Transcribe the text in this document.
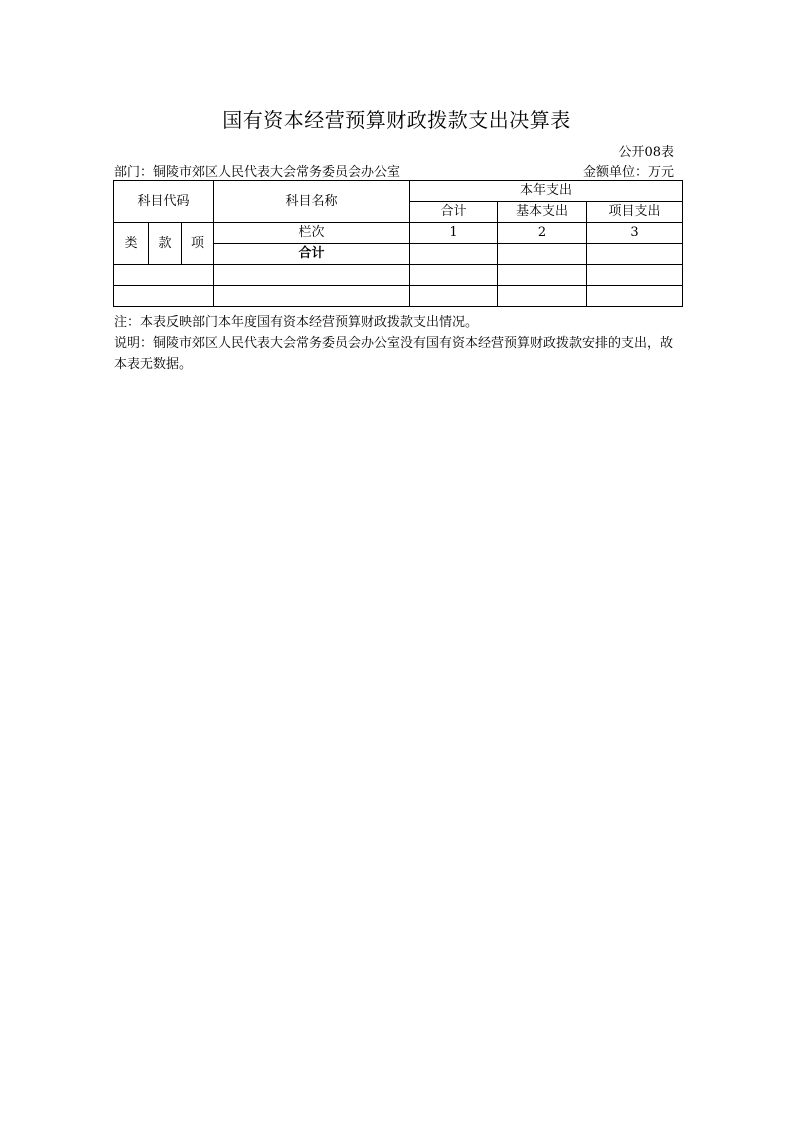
国有资本经营预算财政拨款支出决算表
公开08表
部门：铜陵市郊区人民代表大会常务委员会办公室	金额单位：万元
科目代码			科目名称	本年支出		
				合计	基本支出	项目支出
类	款	项	栏次	1	2	3
			合计			

注：本表反映部门本年度国有资本经营预算财政拨款支出情况。

说明：铜陵市郊区人民代表大会常务委员会办公室没有国有资本经营预算财政拨款安排的支出，故本表无数据。
